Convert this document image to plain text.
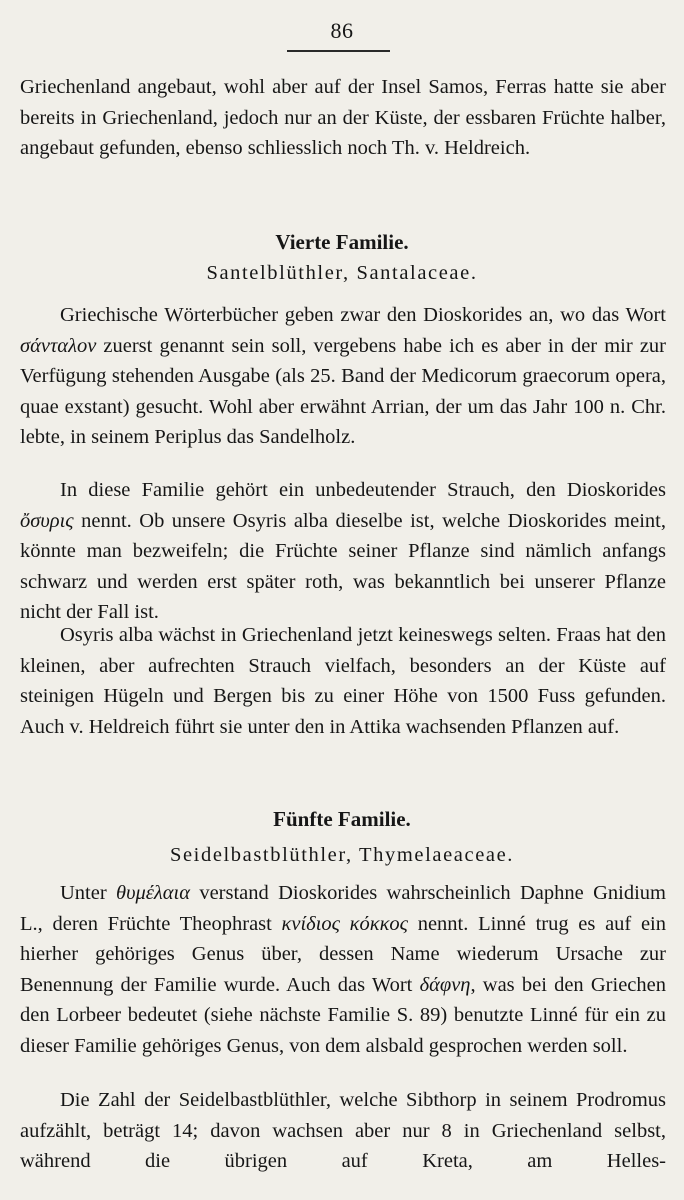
86

Griechenland angebaut, wohl aber auf der Insel Samos, Ferras hatte sie aber bereits in Griechenland, jedoch nur an der Küste, der essbaren Früchte halber, angebaut gefunden, ebenso schliesslich noch Th. v. Heldreich.

Vierte Familie.
Santelblüthler, Santalaceae.

Griechische Wörterbücher geben zwar den Dioskorides an, wo das Wort σάνταλον zuerst genannt sein soll, vergebens habe ich es aber in der mir zur Verfügung stehenden Ausgabe (als 25. Band der Medicorum graecorum opera, quae exstant) gesucht. Wohl aber erwähnt Arrian, der um das Jahr 100 n. Chr. lebte, in seinem Periplus das Sandelholz.

In diese Familie gehört ein unbedeutender Strauch, den Dioskorides ὄσυρις nennt. Ob unsere Osyris alba dieselbe ist, welche Dioskorides meint, könnte man bezweifeln; die Früchte seiner Pflanze sind nämlich anfangs schwarz und werden erst später roth, was bekanntlich bei unserer Pflanze nicht der Fall ist.

Osyris alba wächst in Griechenland jetzt keineswegs selten. Fraas hat den kleinen, aber aufrechten Strauch vielfach, besonders an der Küste auf steinigen Hügeln und Bergen bis zu einer Höhe von 1500 Fuss gefunden. Auch v. Heldreich führt sie unter den in Attika wachsenden Pflanzen auf.

Fünfte Familie.
Seidelbastblüthler, Thymelaeaceae.

Unter θυμέλαια verstand Dioskorides wahrscheinlich Daphne Gnidium L., deren Früchte Theophrast κνίδιος κόκκος nennt. Linné trug es auf ein hierher gehöriges Genus über, dessen Name wiederum Ursache zur Benennung der Familie wurde. Auch das Wort δάφνη, was bei den Griechen den Lorbeer bedeutet (siehe nächste Familie S. 89) benutzte Linné für ein zu dieser Familie gehöriges Genus, von dem alsbald gesprochen werden soll.

Die Zahl der Seidelbastblüthler, welche Sibthorp in seinem Prodromus aufzählt, beträgt 14; davon wachsen aber nur 8 in Griechenland selbst, während die übrigen auf Kreta, am Helles-
